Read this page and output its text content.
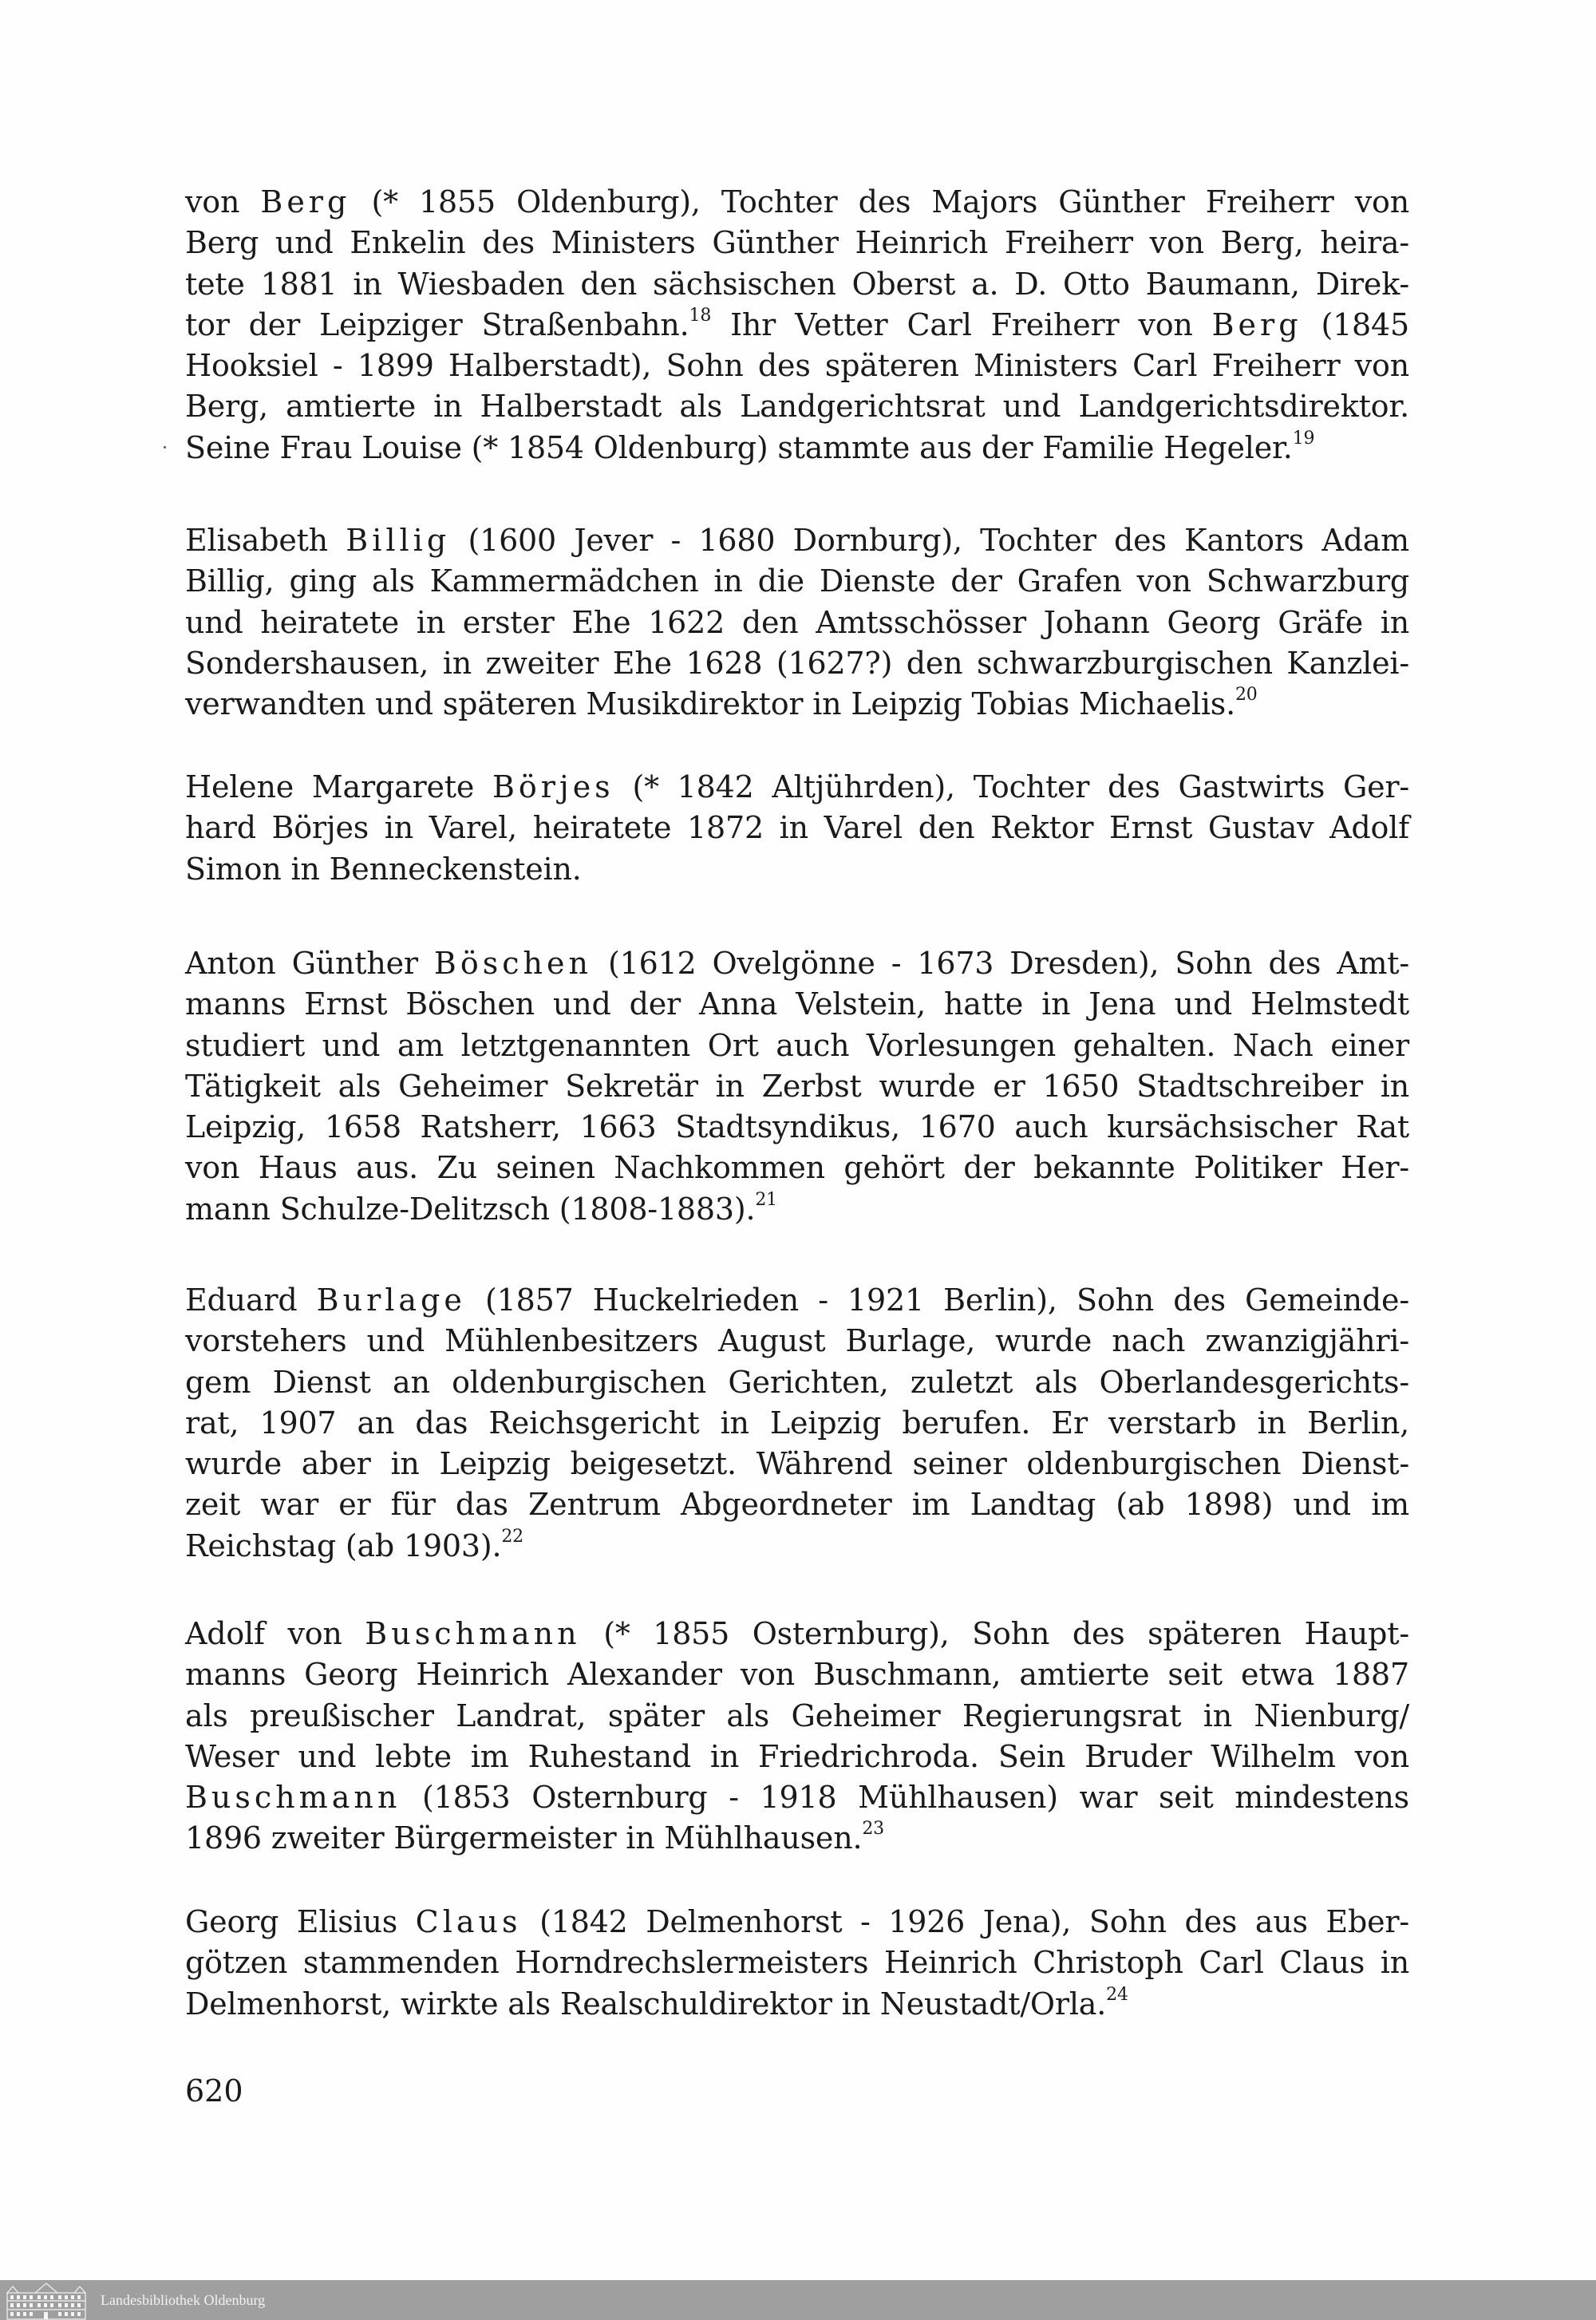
von Berg (* 1855 Oldenburg), Tochter des Majors Günther Freiherr von
Berg und Enkelin des Ministers Günther Heinrich Freiherr von Berg, heira-
tete 1881 in Wiesbaden den sächsischen Oberst a. D. Otto Baumann, Direk-
tor der Leipziger Straßenbahn.$^{18}$ Ihr Vetter Carl Freiherr von Berg (1845
Hooksiel - 1899 Halberstadt), Sohn des späteren Ministers Carl Freiherr von
Berg, amtierte in Halberstadt als Landgerichtsrat und Landgerichtsdirektor.
Seine Frau Louise (* 1854 Oldenburg) stammte aus der Familie Hegeler.$^{19}$
Elisabeth Billig (1600 Jever - 1680 Dornburg), Tochter des Kantors Adam
Billig, ging als Kammermädchen in die Dienste der Grafen von Schwarzburg
und heiratete in erster Ehe 1622 den Amtsschösser Johann Georg Gräfe in
Sondershausen, in zweiter Ehe 1628 (1627?) den schwarzburgischen Kanzlei-
verwandten und späteren Musikdirektor in Leipzig Tobias Michaelis.$^{20}$
Helene Margarete Börjes (* 1842 Altjührden), Tochter des Gastwirts Ger-
hard Börjes in Varel, heiratete 1872 in Varel den Rektor Ernst Gustav Adolf
Simon in Benneckenstein.
Anton Günther Böschen (1612 Ovelgönne - 1673 Dresden), Sohn des Amt-
manns Ernst Böschen und der Anna Velstein, hatte in Jena und Helmstedt
studiert und am letztgenannten Ort auch Vorlesungen gehalten. Nach einer
Tätigkeit als Geheimer Sekretär in Zerbst wurde er 1650 Stadtschreiber in
Leipzig, 1658 Ratsherr, 1663 Stadtsyndikus, 1670 auch kursächsischer Rat
von Haus aus. Zu seinen Nachkommen gehört der bekannte Politiker Her-
mann Schulze-Delitzsch (1808-1883).$^{21}$
Eduard Burlage (1857 Huckelrieden - 1921 Berlin), Sohn des Gemeinde-
vorstehers und Mühlenbesitzers August Burlage, wurde nach zwanzigjähri-
gem Dienst an oldenburgischen Gerichten, zuletzt als Oberlandesgerichts-
rat, 1907 an das Reichsgericht in Leipzig berufen. Er verstarb in Berlin,
wurde aber in Leipzig beigesetzt. Während seiner oldenburgischen Dienst-
zeit war er für das Zentrum Abgeordneter im Landtag (ab 1898) und im
Reichstag (ab 1903).$^{22}$
Adolf von Buschmann (* 1855 Osternburg), Sohn des späteren Haupt-
manns Georg Heinrich Alexander von Buschmann, amtierte seit etwa 1887
als preußischer Landrat, später als Geheimer Regierungsrat in Nienburg/
Weser und lebte im Ruhestand in Friedrichroda. Sein Bruder Wilhelm von
Buschmann (1853 Osternburg - 1918 Mühlhausen) war seit mindestens
1896 zweiter Bürgermeister in Mühlhausen.$^{23}$
Georg Elisius Claus (1842 Delmenhorst - 1926 Jena), Sohn des aus Eber-
götzen stammenden Horndrechslermeisters Heinrich Christoph Carl Claus in
Delmenhorst, wirkte als Realschuldirektor in Neustadt/Orla.$^{24}$
620
Landesbibliothek Oldenburg
